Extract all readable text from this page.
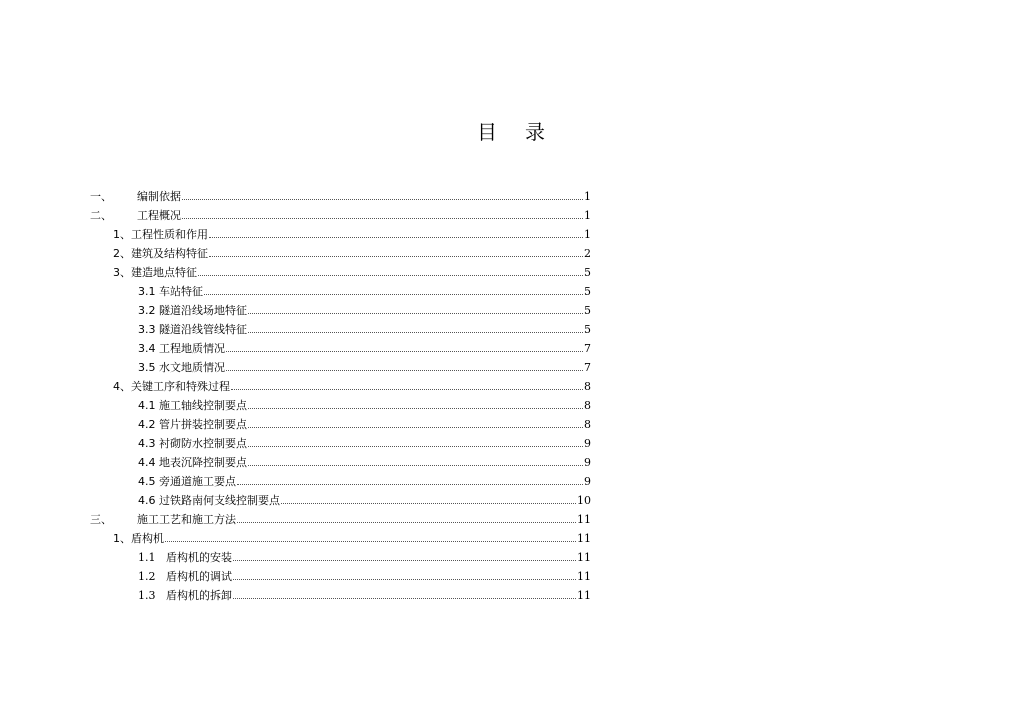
目 录
一、	编制依据	1
二、	工程概况	1
1、工程性质和作用	1
2、建筑及结构特征	2
3、建造地点特征	5
3.1 车站特征	5
3.2 隧道沿线场地特征	5
3.3 隧道沿线管线特征	5
3.4 工程地质情况	7
3.5 水文地质情况	7
4、关键工序和特殊过程	8
4.1 施工轴线控制要点	8
4.2 管片拼装控制要点	8
4.3 衬砌防水控制要点	9
4.4 地表沉降控制要点	9
4.5 旁通道施工要点	9
4.6 过铁路南何支线控制要点	10
三、	施工工艺和施工方法	11
1、盾构机	11
1.1 盾构机的安装	11
1.2 盾构机的调试	11
1.3 盾构机的拆卸	11
